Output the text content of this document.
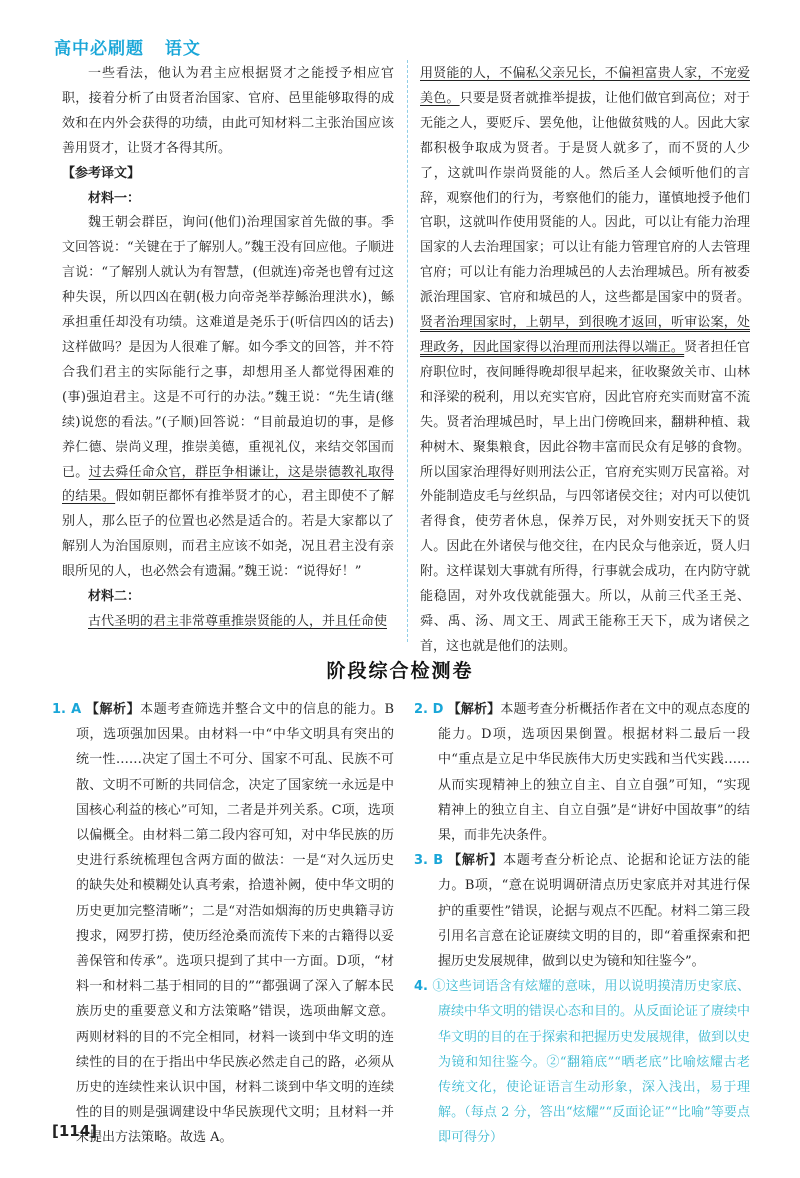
高中必刷题 语文

一些看法，他认为君主应根据贤才之能授予相应官职，接着分析了由贤者治国家、官府、邑里能够取得的成效和在内外会获得的功绩，由此可知材料二主张治国应该善用贤才，让贤才各得其所。

【参考译文】

材料一：

魏王朝会群臣，询问(他们)治理国家首先做的事。季文回答说：“关键在于了解别人。”魏王没有回应他。子顺进言说：“了解别人就认为有智慧，(但就连)帝尧也曾有过这种失误，所以四凶在朝(极力向帝尧举荐鲧治理洪水)，鲧承担重任却没有功绩。这难道是尧乐于(听信四凶的话去)这样做吗？是因为人很难了解。如今季文的回答，并不符合我们君主的实际能行之事，却想用圣人都觉得困难的(事)强迫君主。这是不可行的办法。”魏王说：“先生请(继续)说您的看法。”(子顺)回答说：“目前最迫切的事，是修养仁德、崇尚义理，推崇美德，重视礼仪，来结交邻国而已。过去舜任命众官，群臣争相谦让，这是崇德教礼取得的结果。假如朝臣都怀有推举贤才的心，君主即使不了解别人，那么臣子的位置也必然是适合的。若是大家都以了解别人为治国原则，而君主应该不如尧，况且君主没有亲眼所见的人，也必然会有遗漏。”魏王说：“说得好！”

材料二：

古代圣明的君主非常尊重推崇贤能的人，并且任命使

用贤能的人，不偏私父亲兄长，不偏袒富贵人家，不宠爱美色。只要是贤者就推举提拔，让他们做官到高位；对于无能之人，要贬斥、罢免他，让他做贫贱的人。因此大家都积极争取成为贤者。于是贤人就多了，而不贤的人少了，这就叫作崇尚贤能的人。然后圣人会倾听他们的言辞，观察他们的行为，考察他们的能力，谨慎地授予他们官职，这就叫作使用贤能的人。因此，可以让有能力治理国家的人去治理国家；可以让有能力管理官府的人去管理官府；可以让有能力治理城邑的人去治理城邑。所有被委派治理国家、官府和城邑的人，这些都是国家中的贤者。贤者治理国家时，上朝早，到很晚才返回，听审讼案，处理政务，因此国家得以治理而刑法得以端正。贤者担任官府职位时，夜间睡得晚却很早起来，征收聚敛关市、山林和泽梁的税利，用以充实官府，因此官府充实而财富不流失。贤者治理城邑时，早上出门傍晚回来，翻耕种植、栽种树木、聚集粮食，因此谷物丰富而民众有足够的食物。所以国家治理得好则刑法公正，官府充实则万民富裕。对外能制造皮毛与丝织品，与四邻诸侯交往；对内可以使饥者得食，使劳者休息，保养万民，对外则安抚天下的贤人。因此在外诸侯与他交往，在内民众与他亲近，贤人归附。这样谋划大事就有所得，行事就会成功，在内防守就能稳固，对外攻伐就能强大。所以，从前三代圣王尧、舜、禹、汤、周文王、周武王能称王天下，成为诸侯之首，这也就是他们的法则。

阶段综合检测卷

1. A 【解析】本题考查筛选并整合文中的信息的能力。B项，选项强加因果。由材料一中“中华文明具有突出的统一性……决定了国土不可分、国家不可乱、民族不可散、文明不可断的共同信念，决定了国家统一永远是中国核心利益的核心”可知，二者是并列关系。C项，选项以偏概全。由材料二第二段内容可知，对中华民族的历史进行系统梳理包含两方面的做法：一是“对久远历史的缺失处和模糊处认真考索，拾遗补阙，使中华文明的历史更加完整清晰”；二是“对浩如烟海的历史典籍寻访搜求，网罗打捞，使历经沧桑而流传下来的古籍得以妥善保管和传承”。选项只提到了其中一方面。D项，“材料一和材料二基于相同的目的”“都强调了深入了解本民族历史的重要意义和方法策略”错误，选项曲解文意。两则材料的目的不完全相同，材料一谈到中华文明的连续性的目的在于指出中华民族必然走自己的路，必须从历史的连续性来认识中国，材料二谈到中华文明的连续性的目的则是强调建设中华民族现代文明；且材料一并未提出方法策略。故选 A。

2. D 【解析】本题考查分析概括作者在文中的观点态度的能力。D项，选项因果倒置。根据材料二最后一段中“重点是立足中华民族伟大历史实践和当代实践……从而实现精神上的独立自主、自立自强”可知，“实现精神上的独立自主、自立自强”是“讲好中国故事”的结果，而非先决条件。

3. B 【解析】本题考查分析论点、论据和论证方法的能力。B项，“意在说明调研清点历史家底并对其进行保护的重要性”错误，论据与观点不匹配。材料二第三段引用名言意在论证赓续文明的目的，即“着重探索和把握历史发展规律，做到以史为镜和知往鉴今”。

4. ①这些词语含有炫耀的意味，用以说明摸清历史家底、赓续中华文明的错误心态和目的。从反面论证了赓续中华文明的目的在于探索和把握历史发展规律，做到以史为镜和知往鉴今。②“翻箱底”“晒老底”比喻炫耀古老传统文化，使论证语言生动形象，深入浅出，易于理解。（每点 2 分，答出“炫耀”“反面论证”“比喻”等要点即可得分）

[114]
